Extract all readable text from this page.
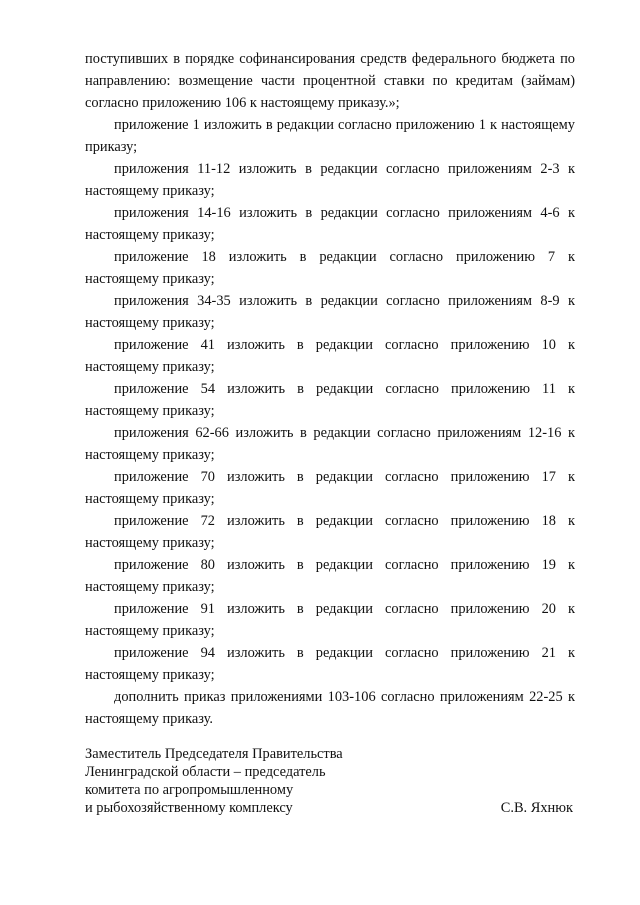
поступивших в порядке софинансирования средств федерального бюджета по направлению: возмещение части процентной ставки по кредитам (займам) согласно приложению 106 к настоящему приказу.»;

приложение 1 изложить в редакции согласно приложению 1 к настоящему приказу;

приложения 11-12 изложить в редакции согласно приложениям 2-3 к настоящему приказу;

приложения 14-16 изложить в редакции согласно приложениям 4-6 к настоящему приказу;

приложение 18 изложить в редакции согласно приложению 7 к настоящему приказу;

приложения 34-35 изложить в редакции согласно приложениям 8-9 к настоящему приказу;

приложение 41 изложить в редакции согласно приложению 10 к настоящему приказу;

приложение 54 изложить в редакции согласно приложению 11 к настоящему приказу;

приложения 62-66 изложить в редакции согласно приложениям 12-16 к настоящему приказу;

приложение 70 изложить в редакции согласно приложению 17 к настоящему приказу;

приложение 72 изложить в редакции согласно приложению 18 к настоящему приказу;

приложение 80 изложить в редакции согласно приложению 19 к настоящему приказу;

приложение 91 изложить в редакции согласно приложению 20 к настоящему приказу;

приложение 94 изложить в редакции согласно приложению 21 к настоящему приказу;

дополнить приказ приложениями 103-106 согласно приложениям 22-25 к настоящему приказу.

Заместитель Председателя Правительства
Ленинградской области – председатель
комитета по агропромышленному
и рыбохозяйственному комплексу	С.В. Яхнюк
